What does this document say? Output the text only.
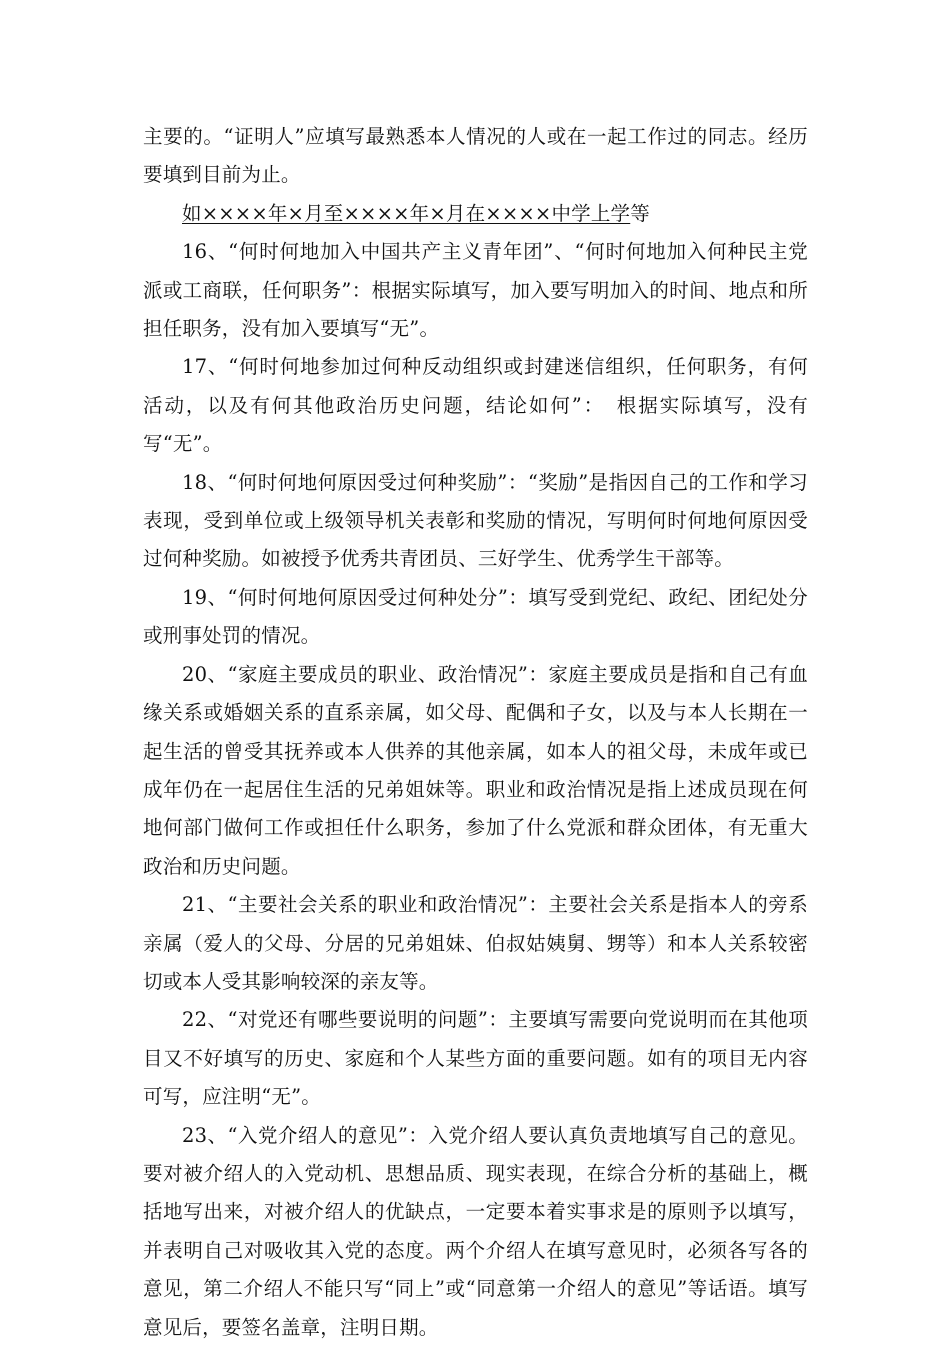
主要的。“证明人”应填写最熟悉本人情况的人或在一起工作过的同志。经历要填到目前为止。

如××××年×月至××××年×月在××××中学上学等

16、“何时何地加入中国共产主义青年团”、“何时何地加入何种民主党派或工商联，任何职务”：根据实际填写，加入要写明加入的时间、地点和所担任职务，没有加入要填写“无”。

17、“何时何地参加过何种反动组织或封建迷信组织，任何职务，有何活动，以及有何其他政治历史问题，结论如何”：　根据实际填写，没有写“无”。

18、“何时何地何原因受过何种奖励”：“奖励”是指因自己的工作和学习表现，受到单位或上级领导机关表彰和奖励的情况，写明何时何地何原因受过何种奖励。如被授予优秀共青团员、三好学生、优秀学生干部等。

19、“何时何地何原因受过何种处分”：填写受到党纪、政纪、团纪处分或刑事处罚的情况。

20、“家庭主要成员的职业、政治情况”：家庭主要成员是指和自己有血缘关系或婚姻关系的直系亲属，如父母、配偶和子女，以及与本人长期在一起生活的曾受其抚养或本人供养的其他亲属，如本人的祖父母，未成年或已成年仍在一起居住生活的兄弟姐妹等。职业和政治情况是指上述成员现在何地何部门做何工作或担任什么职务，参加了什么党派和群众团体，有无重大政治和历史问题。

21、“主要社会关系的职业和政治情况”：主要社会关系是指本人的旁系亲属（爱人的父母、分居的兄弟姐妹、伯叔姑姨舅、甥等）和本人关系较密切或本人受其影响较深的亲友等。

22、“对党还有哪些要说明的问题”：主要填写需要向党说明而在其他项目又不好填写的历史、家庭和个人某些方面的重要问题。如有的项目无内容可写，应注明“无”。

23、“入党介绍人的意见”：入党介绍人要认真负责地填写自己的意见。要对被介绍人的入党动机、思想品质、现实表现，在综合分析的基础上，概括地写出来，对被介绍人的优缺点，一定要本着实事求是的原则予以填写，并表明自己对吸收其入党的态度。两个介绍人在填写意见时，必须各写各的意见，第二介绍人不能只写“同上”或“同意第一介绍人的意见”等话语。填写意见后，要签名盖章，注明日期。
